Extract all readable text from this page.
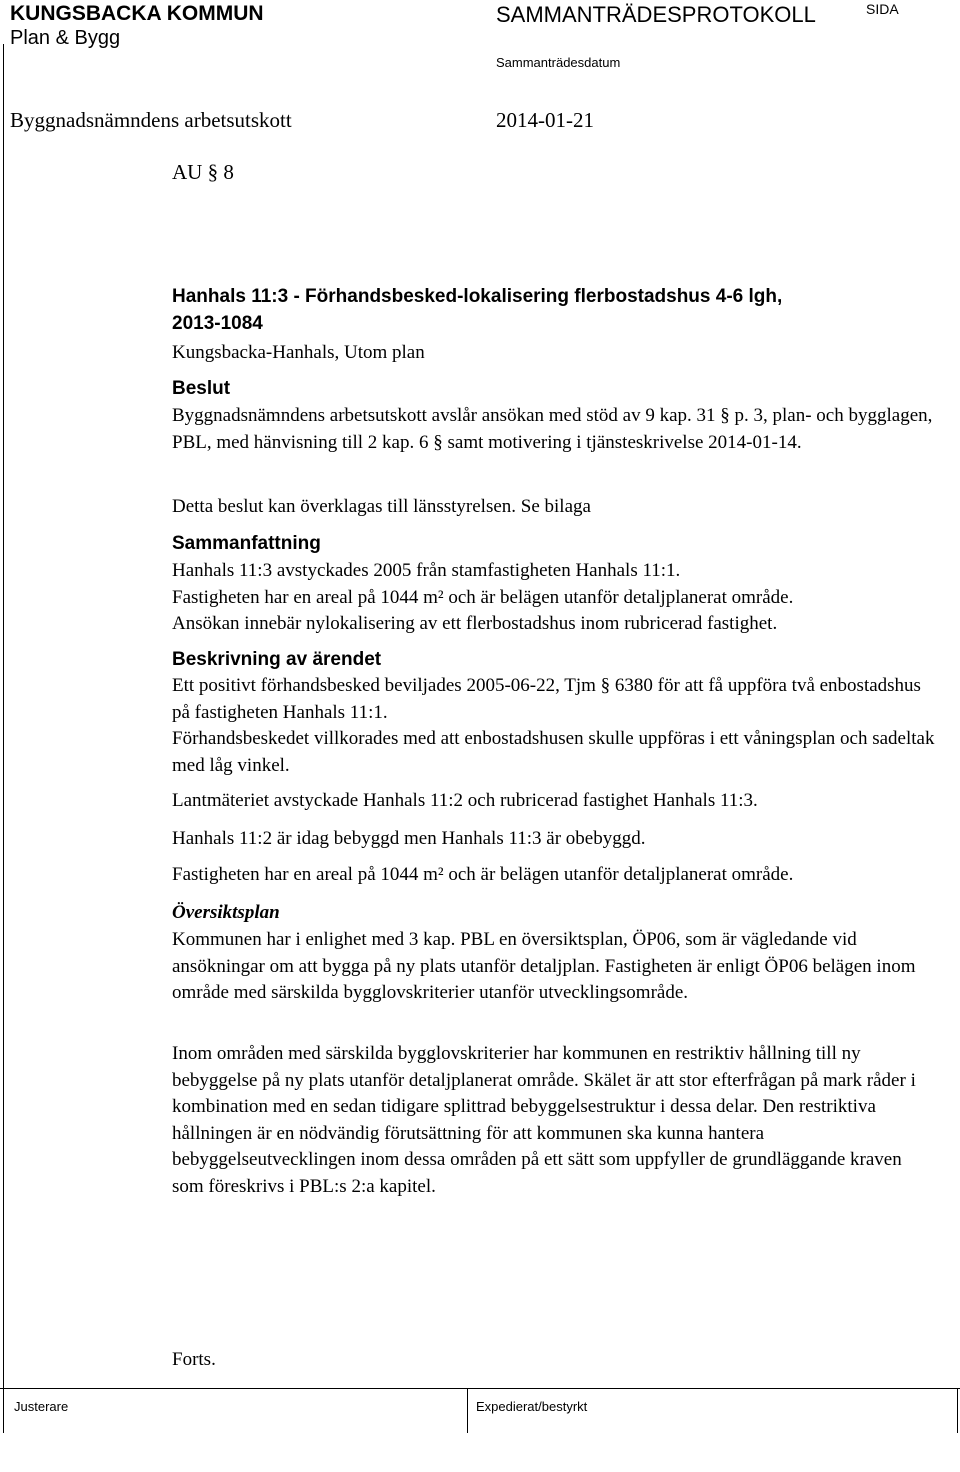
KUNGSBACKA KOMMUN
Plan & Bygg
SAMMANTRÄDESPROTOKOLL	SIDA
Sammanträdesdatum
Byggnadsnämndens arbetsutskott	2014-01-21
AU § 8
Hanhals 11:3 - Förhandsbesked-lokalisering flerbostadshus 4-6 lgh,
2013-1084
Kungsbacka-Hanhals, Utom plan
Beslut
Byggnadsnämndens arbetsutskott avslår ansökan med stöd av 9 kap. 31 § p. 3, plan- och bygglagen, PBL, med hänvisning till 2 kap. 6 § samt motivering i tjänsteskrivelse 2014-01-14.
Detta beslut kan överklagas till länsstyrelsen. Se bilaga
Sammanfattning
Hanhals 11:3 avstyckades 2005 från stamfastigheten Hanhals 11:1.
Fastigheten har en areal på 1044 m² och är belägen utanför detaljplanerat område.
Ansökan innebär nylokalisering av ett flerbostadshus inom rubricerad fastighet.
Beskrivning av ärendet
Ett positivt förhandsbesked beviljades 2005-06-22, Tjm § 6380 för att få uppföra två enbostadshus på fastigheten Hanhals 11:1.
Förhandsbeskedet villkorades med att enbostadshusen skulle uppföras i ett våningsplan och sadeltak med låg vinkel.
Lantmäteriet avstyckade Hanhals 11:2 och rubricerad fastighet Hanhals 11:3.
Hanhals 11:2 är idag bebyggd men Hanhals 11:3 är obebyggd.
Fastigheten har en areal på 1044 m² och är belägen utanför detaljplanerat område.
Översiktsplan
Kommunen har i enlighet med 3 kap. PBL en översiktsplan, ÖP06, som är vägledande vid ansökningar om att bygga på ny plats utanför detaljplan. Fastigheten är enligt ÖP06 belägen inom område med särskilda bygglovskriterier utanför utvecklingsområde.
Inom områden med särskilda bygglovskriterier har kommunen en restriktiv hållning till ny bebyggelse på ny plats utanför detaljplanerat område. Skälet är att stor efterfrågan på mark råder i kombination med en sedan tidigare splittrad bebyggelsestruktur i dessa delar. Den restriktiva hållningen är en nödvändig förutsättning för att kommunen ska kunna hantera bebyggelseutvecklingen inom dessa områden på ett sätt som uppfyller de grundläggande kraven som föreskrivs i PBL:s 2:a kapitel.
Forts.
Justerare	Expedierat/bestyrkt
